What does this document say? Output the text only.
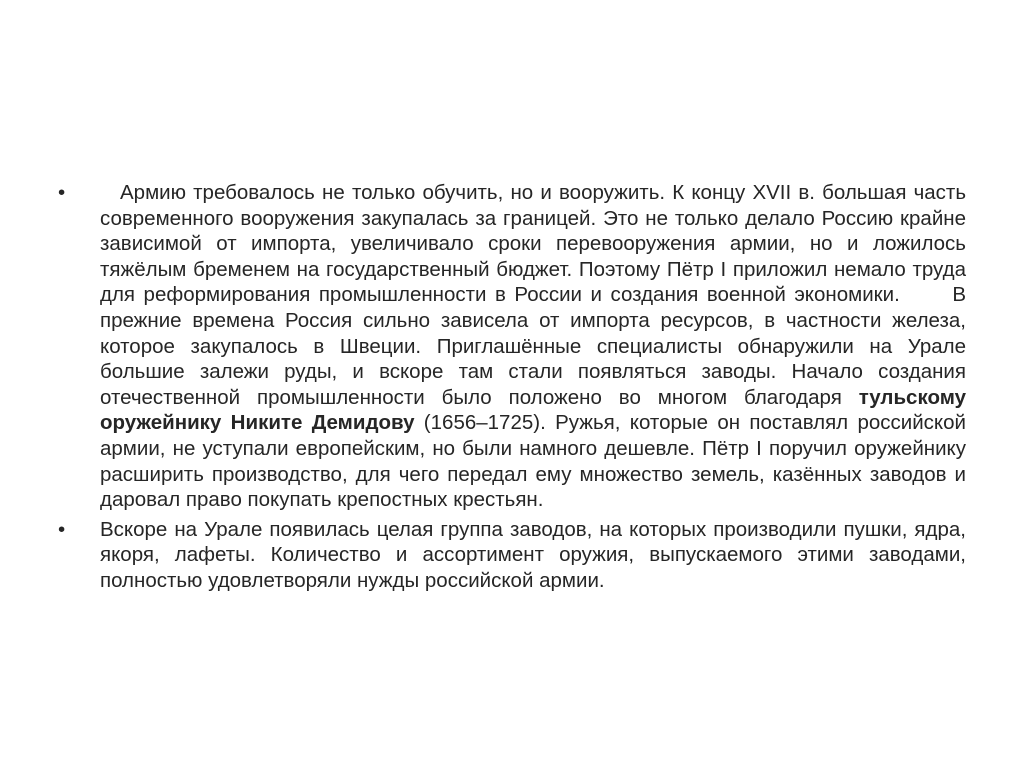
•	Армию требовалось не только обучить, но и вооружить. К концу XVII в. большая часть современного вооружения закупалась за границей. Это не только делало Россию крайне зависимой от импорта, увеличивало сроки перевооружения армии, но и ложилось тяжёлым бременем на государственный бюджет. Поэтому Пётр I приложил немало труда для реформирования промышленности в России и создания военной экономики.	В прежние времена Россия сильно зависела от импорта ресурсов, в частности железа, которое закупалось в Швеции. Приглашённые специалисты обнаружили на Урале большие залежи руды, и вскоре там стали появляться заводы. Начало создания отечественной промышленности было положено во многом благодаря тульскому оружейнику Никите Демидову (1656–1725). Ружья, которые он поставлял российской армии, не уступали европейским, но были намного дешевле. Пётр I поручил оружейнику расширить производство, для чего передал ему множество земель, казённых заводов и даровал право покупать крепостных крестьян.

•	Вскоре на Урале появилась целая группа заводов, на которых производили пушки, ядра, якоря, лафеты. Количество и ассортимент оружия, выпускаемого этими заводами, полностью удовлетворяли нужды российской армии.
